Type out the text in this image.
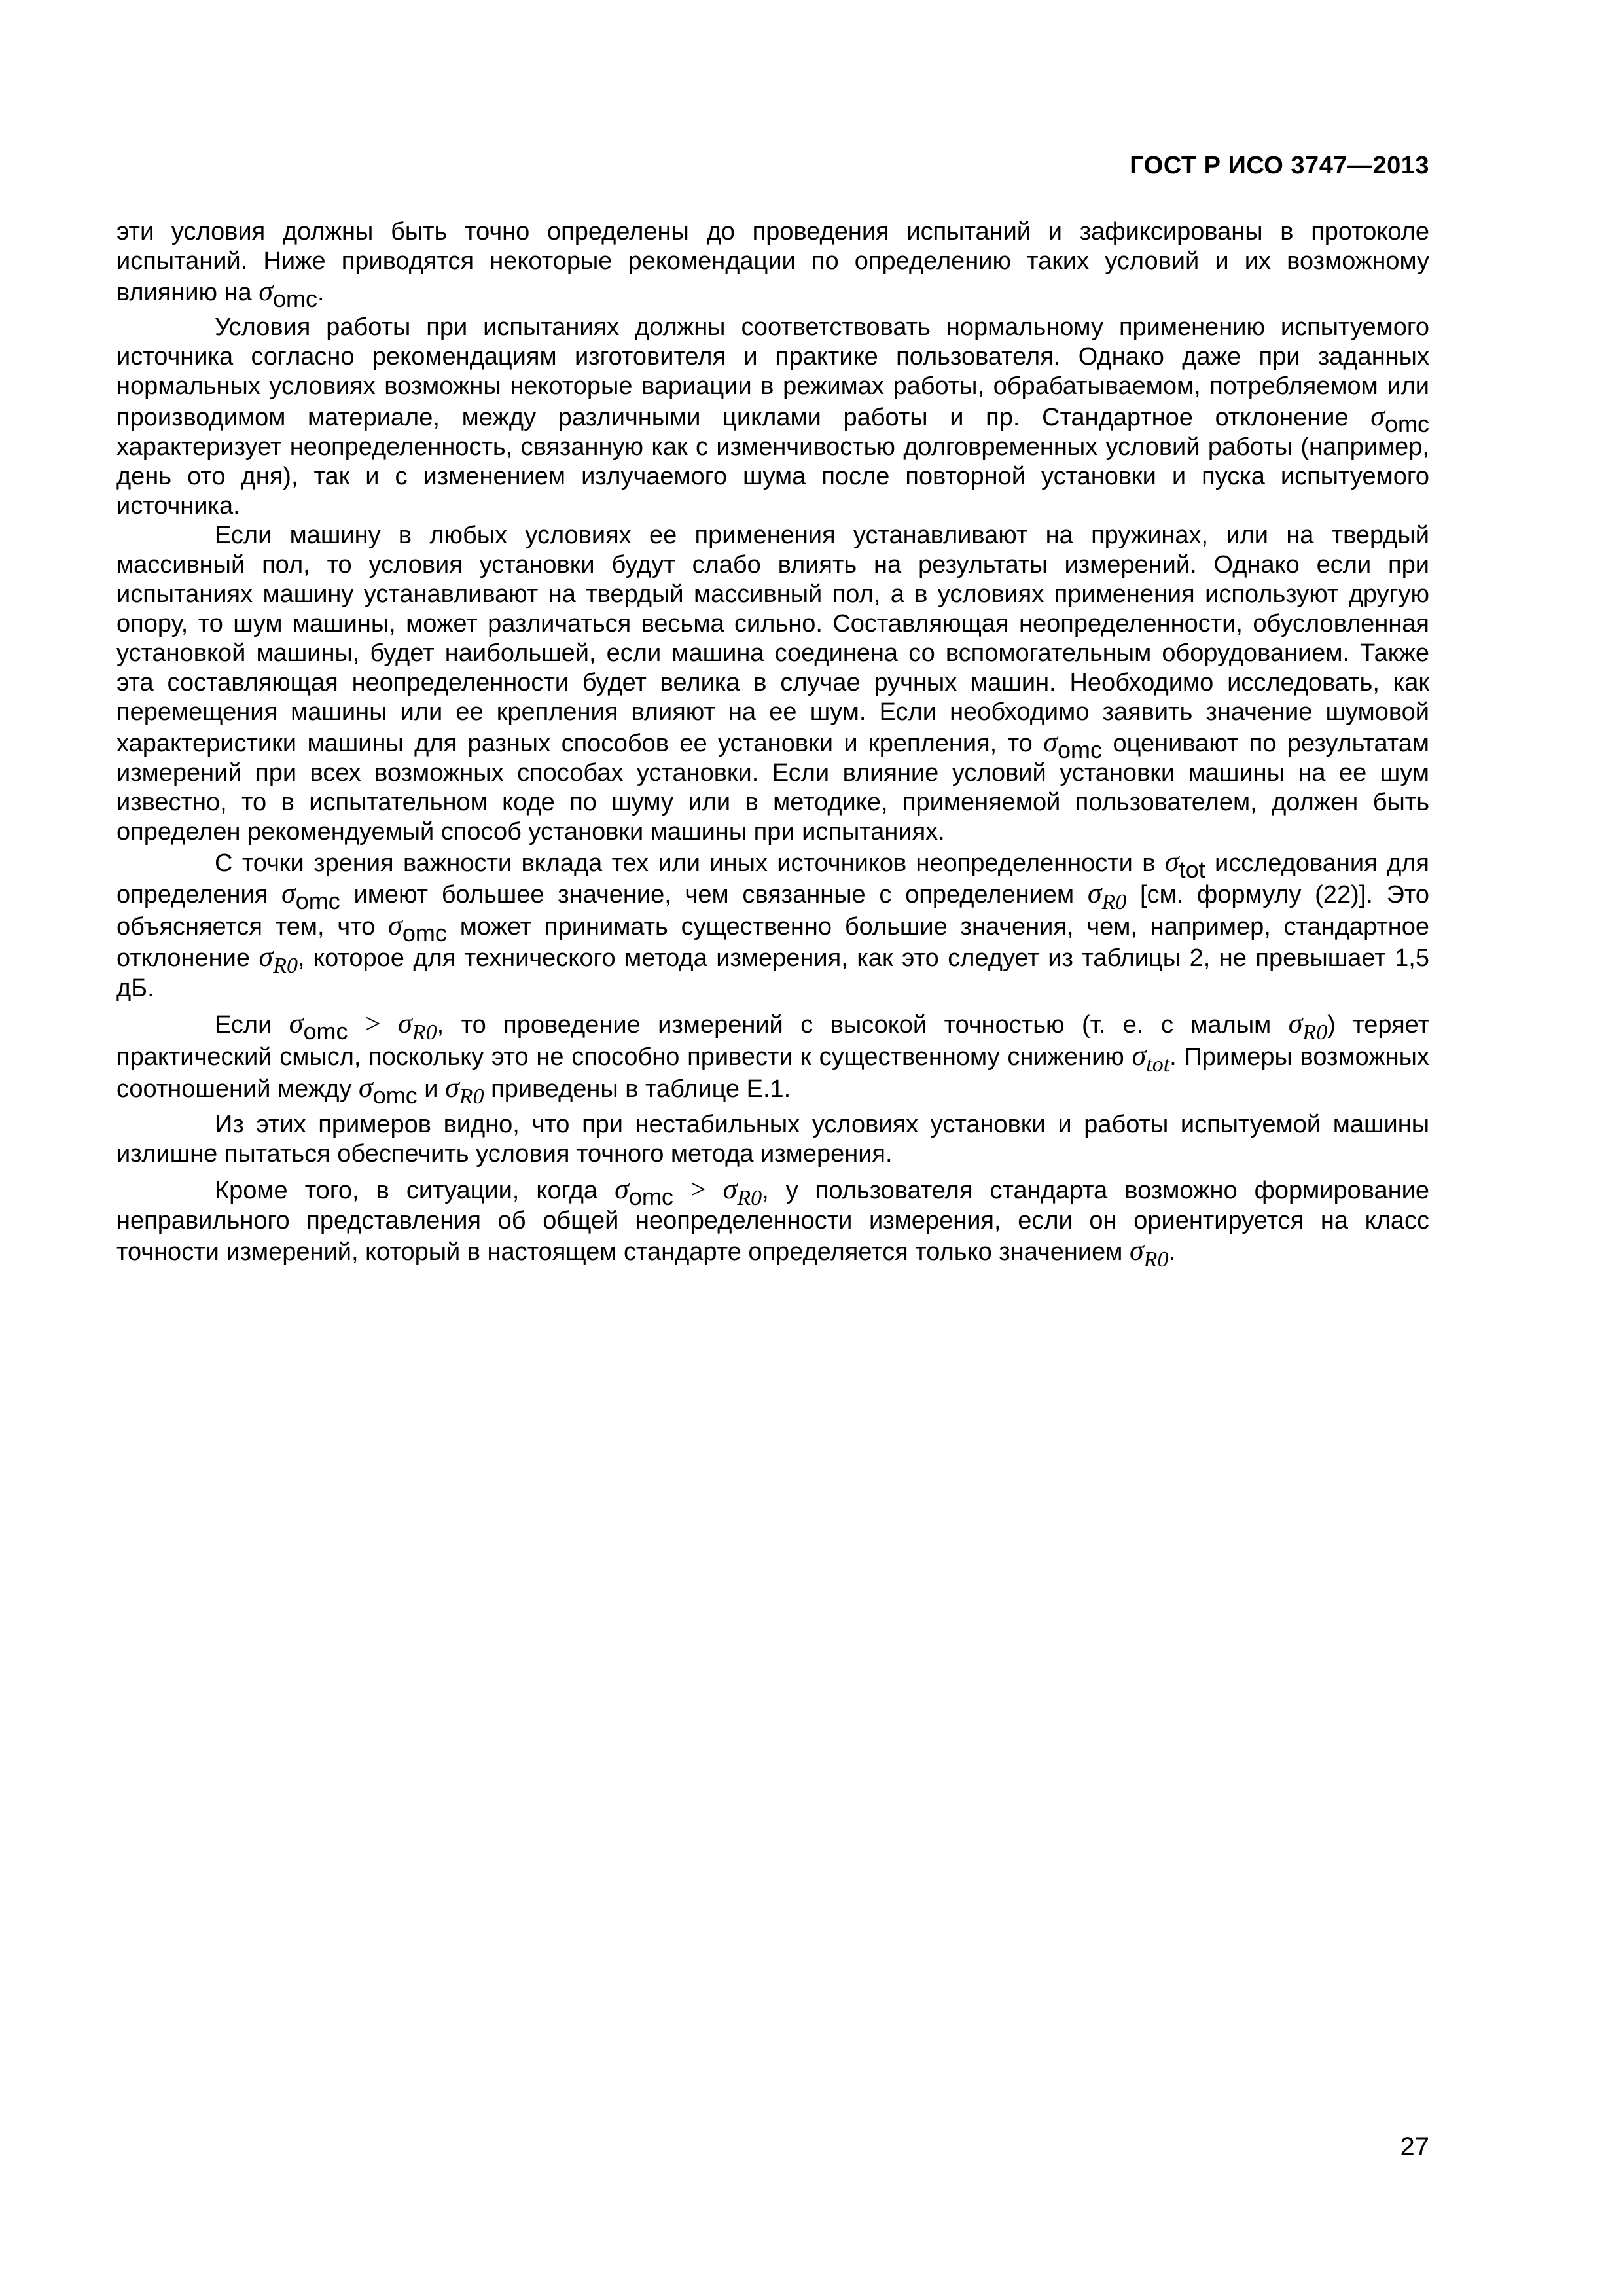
ГОСТ Р ИСО 3747—2013

эти условия должны быть точно определены до проведения испытаний и зафиксированы в протоколе испытаний. Ниже приводятся некоторые рекомендации по определению таких условий и их возможному влиянию на $\sigma_{omc}$.

Условия работы при испытаниях должны соответствовать нормальному применению испытуемого источника согласно рекомендациям изготовителя и практике пользователя. Однако даже при заданных нормальных условиях возможны некоторые вариации в режимах работы, обрабатываемом, потребляемом или производимом материале, между различными циклами работы и пр. Стандартное отклонение $\sigma_{omc}$ характеризует неопределенность, связанную как с изменчивостью долговременных условий работы (например, день ото дня), так и с изменением излучаемого шума после повторной установки и пуска испытуемого источника.

Если машину в любых условиях ее применения устанавливают на пружинах, или на твердый массивный пол, то условия установки будут слабо влиять на результаты измерений. Однако если при испытаниях машину устанавливают на твердый массивный пол, а в условиях применения используют другую опору, то шум машины, может различаться весьма сильно. Составляющая неопределенности, обусловленная установкой машины, будет наибольшей, если машина соединена со вспомогательным оборудованием. Также эта составляющая неопределенности будет велика в случае ручных машин. Необходимо исследовать, как перемещения машины или ее крепления влияют на ее шум. Если необходимо заявить значение шумовой характеристики машины для разных способов ее установки и крепления, то $\sigma_{omc}$ оценивают по результатам измерений при всех возможных способах установки. Если влияние условий установки машины на ее шум известно, то в испытательном коде по шуму или в методике, применяемой пользователем, должен быть определен рекомендуемый способ установки машины при испытаниях.

С точки зрения важности вклада тех или иных источников неопределенности в $\sigma_{tot}$ исследования для определения $\sigma_{omc}$ имеют большее значение, чем связанные с определением $\sigma_{R0}$ [см. формулу (22)]. Это объясняется тем, что $\sigma_{omc}$ может принимать существенно большие значения, чем, например, стандартное отклонение $\sigma_{R0}$, которое для технического метода измерения, как это следует из таблицы 2, не превышает 1,5 дБ.

Если $\sigma_{omc} > \sigma_{R0}$, то проведение измерений с высокой точностью (т. е. с малым $\sigma_{R0}$) теряет практический смысл, поскольку это не способно привести к существенному снижению $\sigma_{tot}$. Примеры возможных соотношений между $\sigma_{omc}$ и $\sigma_{R0}$ приведены в таблице Е.1.

Из этих примеров видно, что при нестабильных условиях установки и работы испытуемой машины излишне пытаться обеспечить условия точного метода измерения.

Кроме того, в ситуации, когда $\sigma_{omc} > \sigma_{R0}$, у пользователя стандарта возможно формирование неправильного представления об общей неопределенности измерения, если он ориентируется на класс точности измерений, который в настоящем стандарте определяется только значением $\sigma_{R0}$.

27
